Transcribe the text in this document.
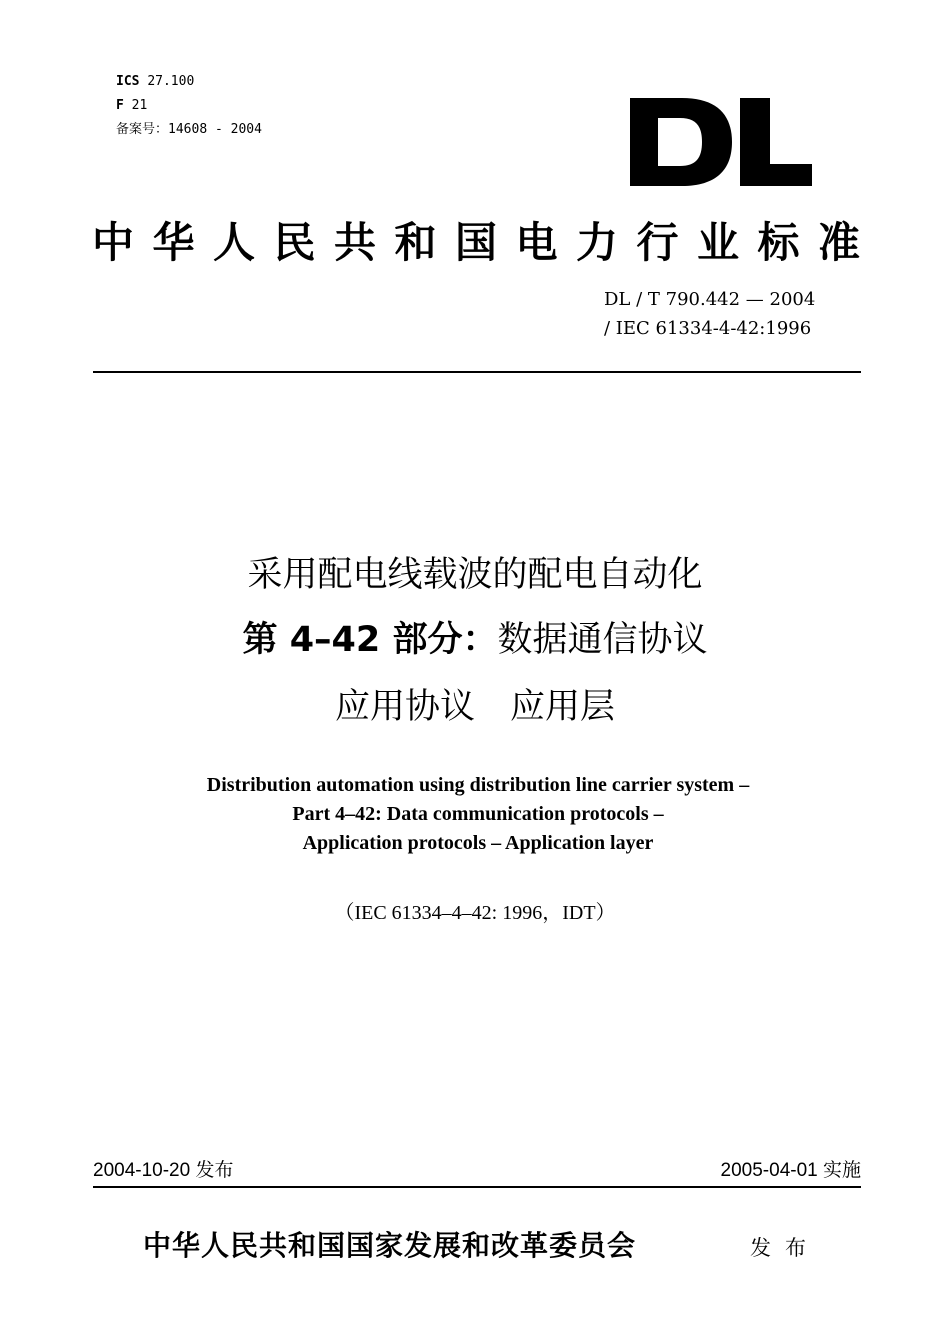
ICS 27.100
F 21
备案号：14608 - 2004
中华人民共和国电力行业标准
DL / T 790.442 — 2004
/ IEC 61334-4-42:1996
采用配电线载波的配电自动化
第 4–42 部分：数据通信协议
应用协议　应用层
Distribution automation using distribution line carrier system –
Part 4–42: Data communication protocols –
Application protocols – Application layer
（IEC 61334–4–42: 1996，IDT）
2004-10-20 发布	2005-04-01 实施
中华人民共和国国家发展和改革委员会	发布
